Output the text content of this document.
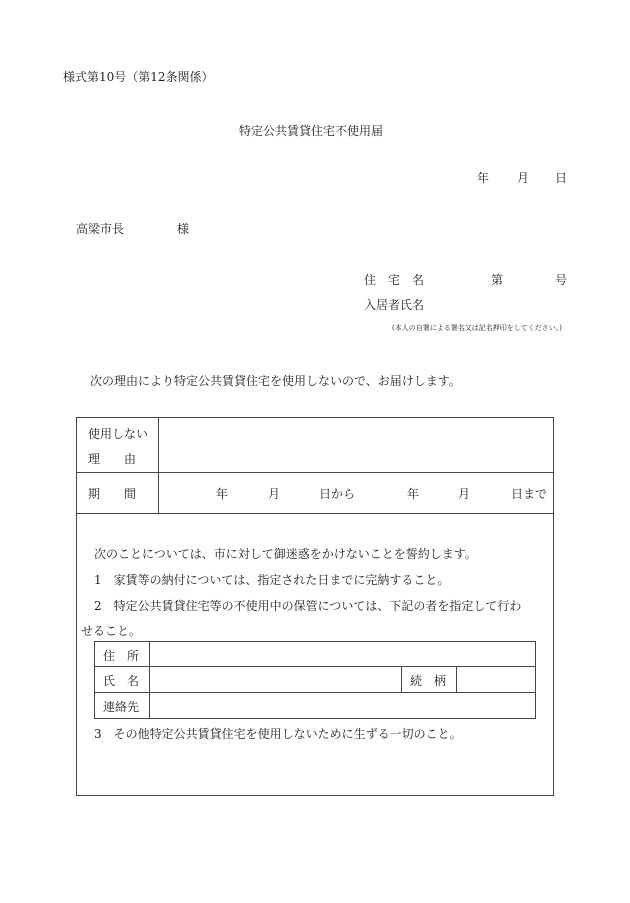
様式第10号（第12条関係）
特定公共賃貸住宅不使用届
年 月 日
高梁市長	様
住　宅　名	第	号
入居者氏名
(本人の自署による署名又は記名押印をしてください。)
次の理由により特定公共賃貸住宅を使用しないので、お届けします。
使用しない
理　　由
期　　間	年	月	日から	年	月	日まで
次のことについては、市に対して御迷惑をかけないことを誓約します。
1　家賃等の納付については、指定された日までに完納すること。
2　特定公共賃貸住宅等の不使用中の保管については、下記の者を指定して行わ
せること。
住　所
氏　名	続　柄
連絡先
3　その他特定公共賃貸住宅を使用しないために生ずる一切のこと。
